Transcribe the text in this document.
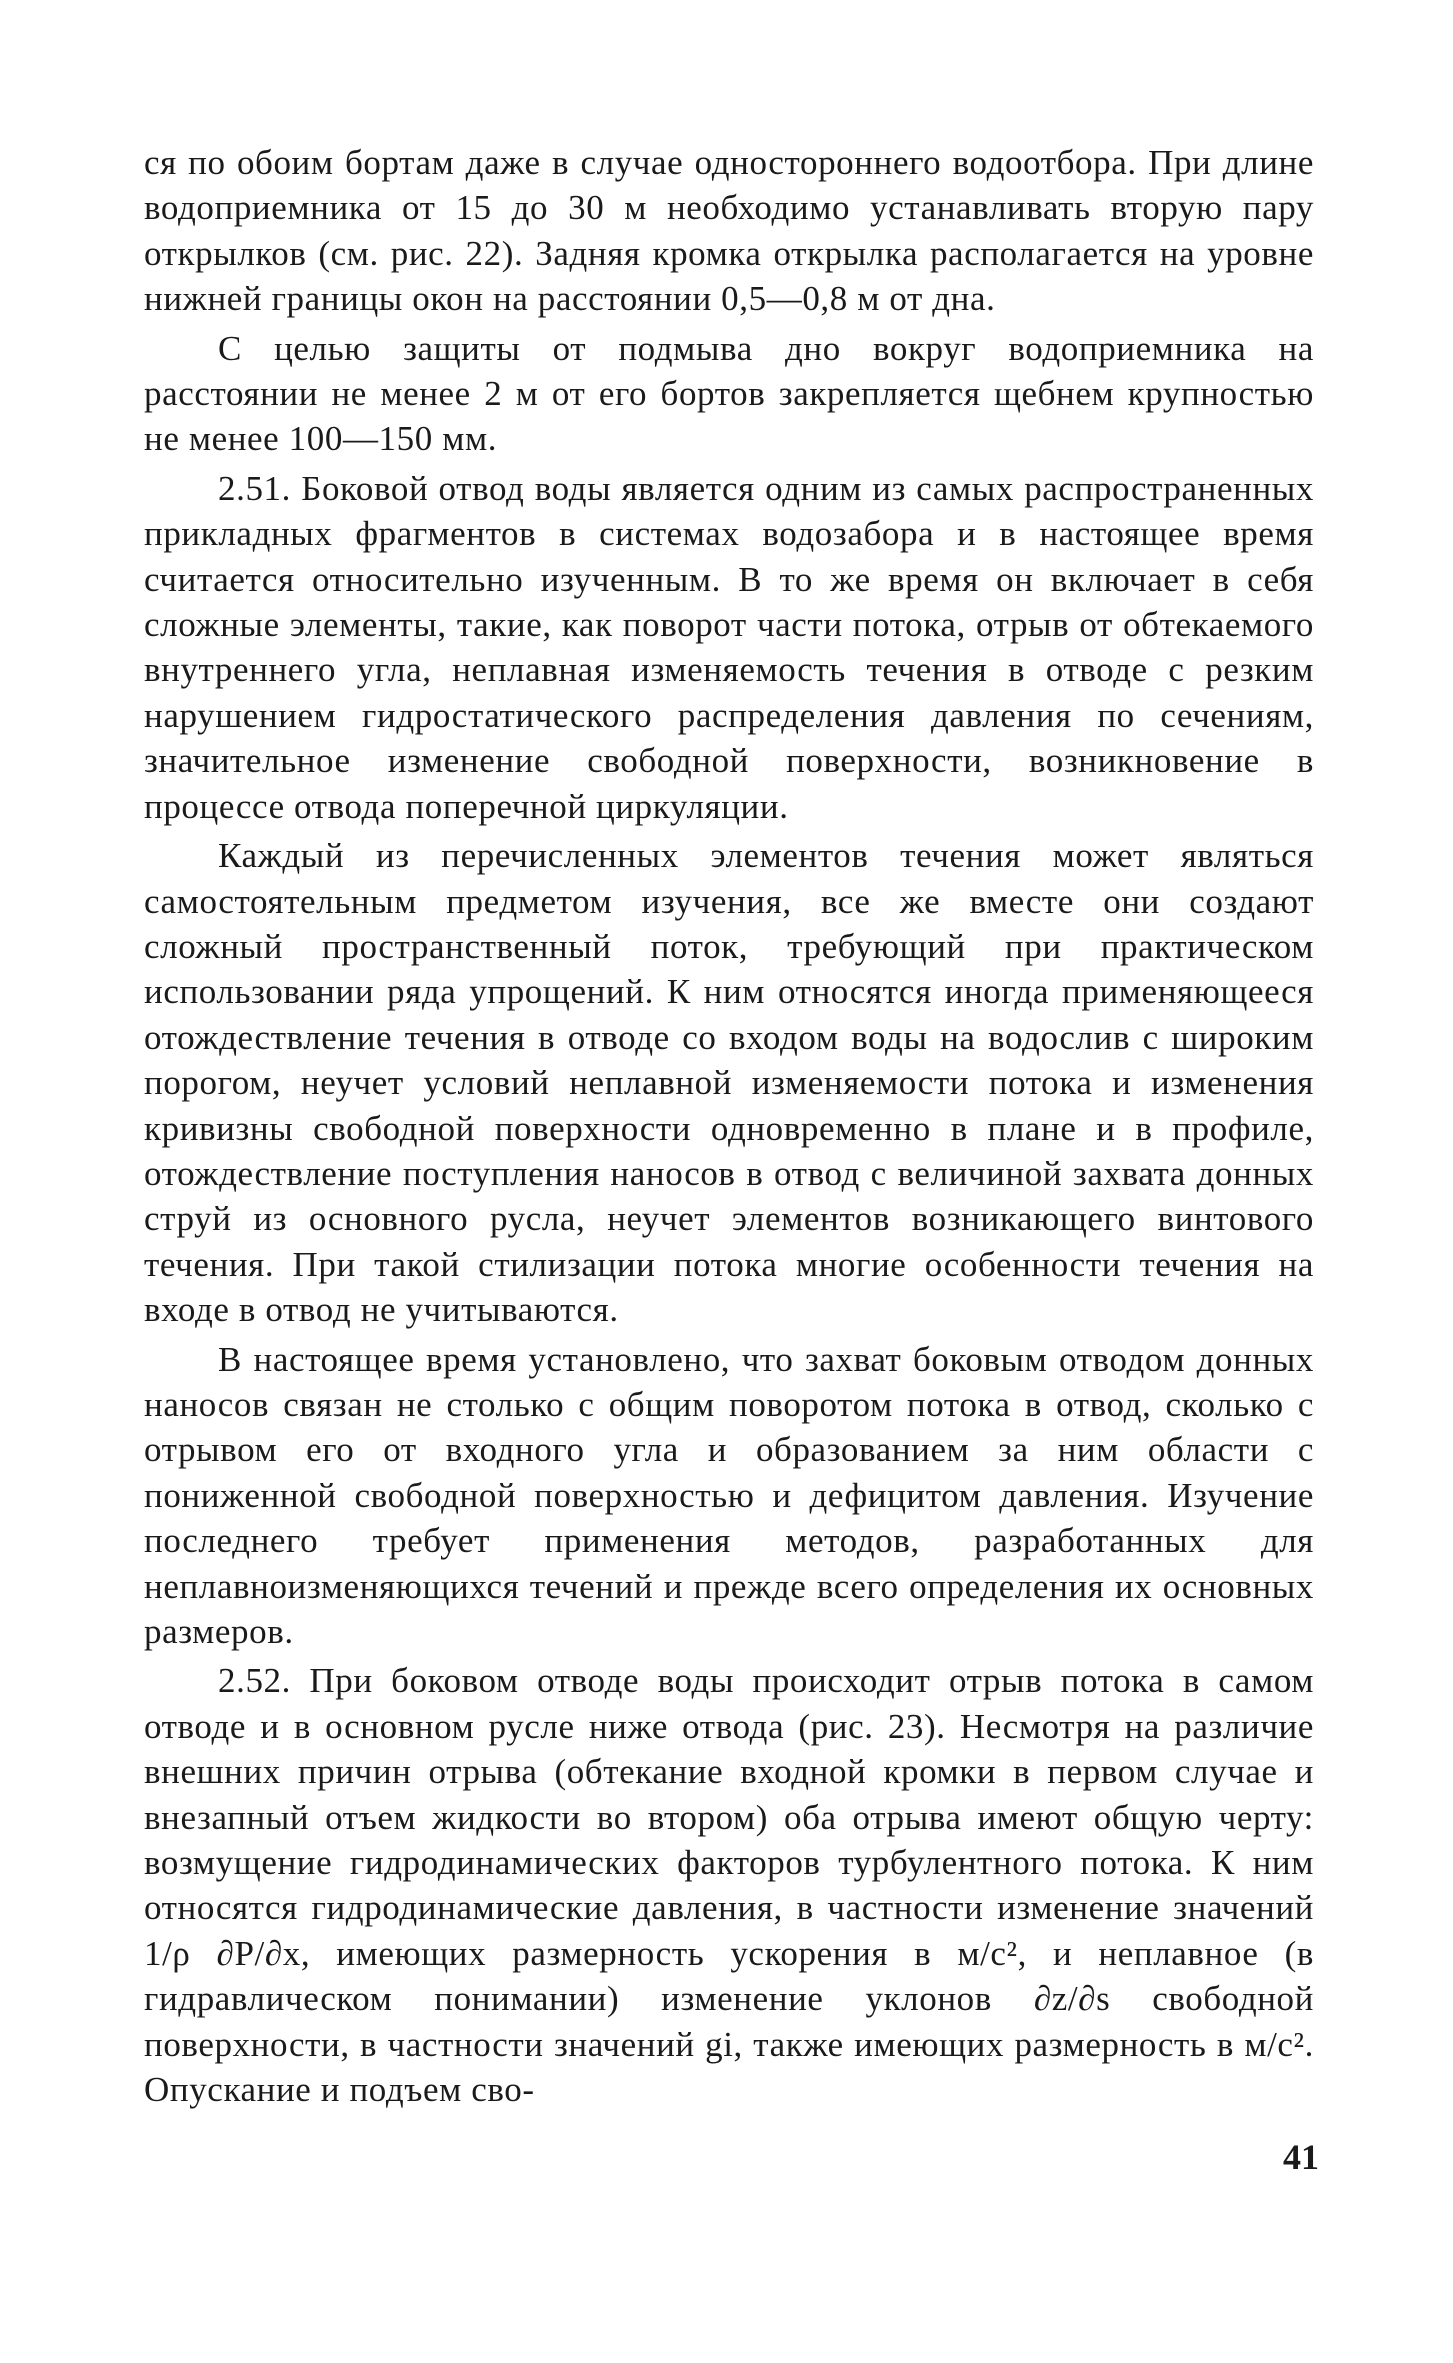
ся по обоим бортам даже в случае одностороннего водоотбора. При длине водоприемника от 15 до 30 м необходимо устанавливать вторую пару открылков (см. рис. 22). Задняя кромка открылка располагается на уровне нижней границы окон на расстоянии 0,5—0,8 м от дна.

С целью защиты от подмыва дно вокруг водоприемника на расстоянии не менее 2 м от его бортов закрепляется щебнем крупностью не менее 100—150 мм.

2.51. Боковой отвод воды является одним из самых распространенных прикладных фрагментов в системах водозабора и в настоящее время считается относительно изученным. В то же время он включает в себя сложные элементы, такие, как поворот части потока, отрыв от обтекаемого внутреннего угла, неплавная изменяемость течения в отводе с резким нарушением гидростатического распределения давления по сечениям, значительное изменение свободной поверхности, возникновение в процессе отвода поперечной циркуляции.

Каждый из перечисленных элементов течения может являться самостоятельным предметом изучения, все же вместе они создают сложный пространственный поток, требующий при практическом использовании ряда упрощений. К ним относятся иногда применяющееся отождествление течения в отводе со входом воды на водослив с широким порогом, неучет условий неплавной изменяемости потока и изменения кривизны свободной поверхности одновременно в плане и в профиле, отождествление поступления наносов в отвод с величиной захвата донных струй из основного русла, неучет элементов возникающего винтового течения. При такой стилизации потока многие особенности течения на входе в отвод не учитываются.

В настоящее время установлено, что захват боковым отводом донных наносов связан не столько с общим поворотом потока в отвод, сколько с отрывом его от входного угла и образованием за ним области с пониженной свободной поверхностью и дефицитом давления. Изучение последнего требует применения методов, разработанных для неплавноизменяющихся течений и прежде всего определения их основных размеров.

2.52. При боковом отводе воды происходит отрыв потока в самом отводе и в основном русле ниже отвода (рис. 23). Несмотря на различие внешних причин отрыва (обтекание входной кромки в первом случае и внезапный отъем жидкости во втором) оба отрыва имеют общую черту: возмущение гидродинамических факторов турбулентного потока. К ним относятся гидродинамические давления, в частности изменение значений 1/ρ ∂P/∂x, имеющих размерность ускорения в м/с², и неплавное (в гидравлическом понимании) изменение уклонов ∂z/∂s свободной поверхности, в частности значений gi, также имеющих размерность в м/с². Опускание и подъем сво-

41
